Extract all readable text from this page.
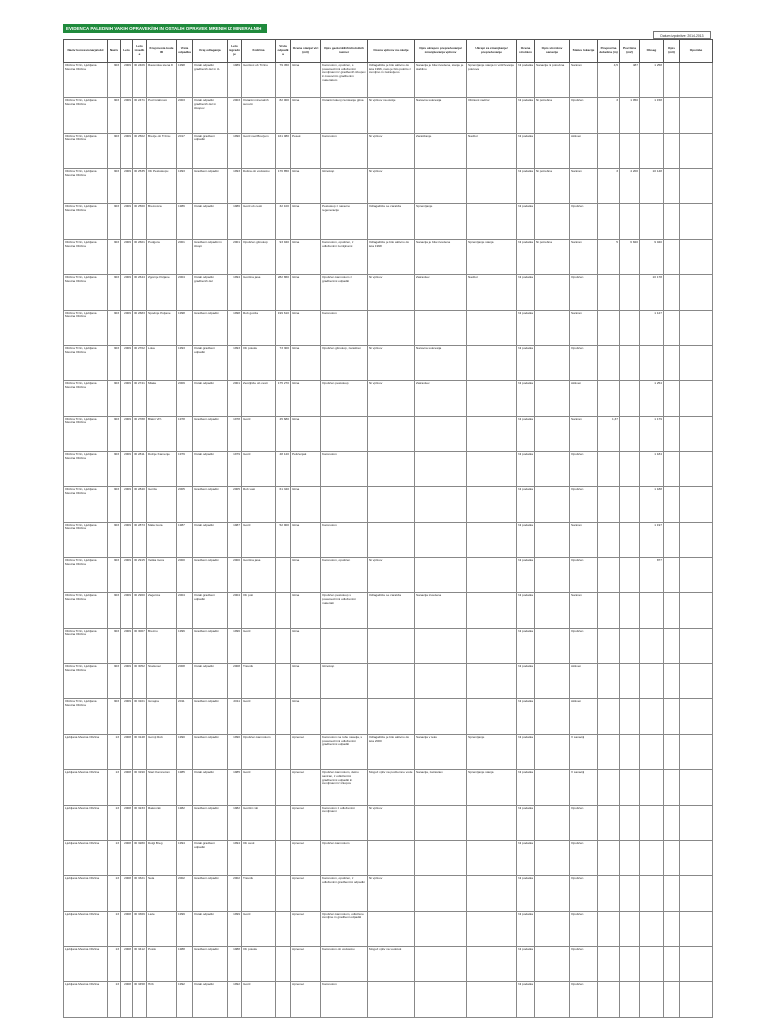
EVIDENCA PALEDNIH VAKIH OPRAVEK/IIH IN OSTALIH OPRAVEK MRENIH IZ MINERALNIH
Datum izpolnitve: 2014-2013
Naziv koncesionarja/obč	Naziv	Leto	Leto izvedbe	Kraj mesta kode ID	Vrsta odpadka	Kraj odlaganja	Leto izgradnje	Količina	Vrsta odpadka	Ocena stanja/ viri (m3)	Opis geoloških/hidroloških razmer	Ocena vplivov na okolje	Opis ukrepov preprečevanja/ zmanjševanja vplivov	Ukrepi za zmanjšanje/ preprečevanje	Ocena stroškov	Opis stroškov sanacije	Status lokacije	Povprečna debelina (m)	Površina (m2)	Obseg	Opis (m3)	Opombe

Občina Trzin, Ljubljana Mestna Občina	303	2009	ID 2406	Ravenska stena 8	1998	Ostali odpadki gradbenih del in iz-	1989	Gozdovi ob Trzinu	79 450	Glina	Kamnolom, opuščen, s posameznimi odloženimi zemljinami iz gradbenih izkopov in kosovnim gradbenim materialom	Odlagališče je bilo aktivno do leta 1996, nato je bilo pokrito z zemljino in zatravljeno	Sanacija je bila izvedena, stanje je stabilno	Spremljanje stanja in vzdrževanje pokrova	Ni podatka	Sanacija ni potrebna	Saniran	4,5	487	1 258		

Občina Trzin, Ljubljana Mestna Občina	303	2009	ID 2471	Pod Grabnom	2003	Ostali odpadki gradbenih del in izkopov	2003	Ostanki mineralnih surovin	82 000	Glina	Ostanki lukenj za iskanje glina	Ni vplivov na okolje	Naravna sukcesija	Občasni nadzor	Ni podatka	Ni potrebna	Opuščen	3	1 050	1 158		

Občina Trzin, Ljubljana Mestna Občina	303	2009	ID 2502	Brezje ob Trzinu	2017	Ostali gradbeni odpadki	1990	Gozd nad Brezjem	161 080	Pesek	Kamnolom	Ni vplivov	Zaraščanje	Nadzor	Ni podatka		Aktiven					

Občina Trzin, Ljubljana Mestna Občina	303	2009	ID 2535	Ob Peskokopu	1993	Gradbeni odpadki	1993	Dolina ob vodotoku	176 850	Glina	Glinokop	Ni vplivov			Ni podatka	Ni potrebna	Saniran	3	4 200	10 148		

Občina Trzin, Ljubljana Mestna Občina	303	2009	ID 2560	Brezovica	1986	Ostali odpadki	1986	Gozd ob cesti	32 100	Glina	Peskokop z naravno regeneracijo	Odlagališče se zarašča	Spremljanje		Ni podatka		Opuščen					

Občina Trzin, Ljubljana Mestna Občina	303	2009	ID 2601	Podgora	2001	Gradbeni odpadki in izkopi	2001	Opuščen glinokop	93 940	Glina	Kamnolom, opuščen, z odloženimi zemljinami	Odlagališče je bilo aktivno do leta 1998	Sanacija je bila izvedena	Spremljanje stanja	Ni podatka	Ni potrebna	Saniran	5	6 820	9 040		

Občina Trzin, Ljubljana Mestna Občina	303	2009	ID 2644	Zgornje Poljane	2004	Ostali odpadki gradbenih del	1994	Gozdna jasa	282 860	Glina	Opuščen kamnolom z gradbenimi odpadki	Ni vplivov	Zatravitev	Nadzor	Ni podatka		Opuščen			10 178		

Občina Trzin, Ljubljana Mestna Občina	303	2009	ID 2683	Spodnje Poljane	1998	Gradbeni odpadki	1998	Rob gozda	199 610	Glina	Kamnolom				Ni podatka		Saniran			1 127		

Občina Trzin, Ljubljana Mestna Občina	303	2009	ID 2702	Loka	1993	Ostali gradbeni odpadki	1993	Ob potoku	73 300	Glina	Opuščen glinokop, zaraščen	Ni vplivov	Naravna sukcesija		Ni podatka		Opuščen					

Občina Trzin, Ljubljana Mestna Občina	303	2009	ID 2741	Mlake	2009	Ostali odpadki	2001	Zemljišče ob cesti	175 270	Glina	Opuščen peskokop	Ni vplivov	Zatravitev		Ni podatka		Aktiven			1 254		

Občina Trzin, Ljubljana Mestna Občina	303	2009	ID 2788	Blatni Vrh	1978	Gradbeni odpadki	1978	Gozd	45 680	Glina					Ni podatka		Saniran	1,37		1 179		

Občina Trzin, Ljubljana Mestna Občina	303	2009	ID 2811	Dolnje Kamenje	1979	Ostali odpadki	1979	Gozd	48 120	Peščenjak	Kamnolom				Ni podatka		Opuščen			1 184		

Občina Trzin, Ljubljana Mestna Občina	303	2009	ID 2840	Goriče	2005	Gradbeni odpadki	2005	Rob vasi	61 340	Glina					Ni podatka		Opuščen			1 188		

Občina Trzin, Ljubljana Mestna Občina	303	2009	ID 2873	Mala Gora	1987	Ostali odpadki	1987	Gozd	52 900	Glina	Kamnolom				Ni podatka		Saniran			1 197		

Občina Trzin, Ljubljana Mestna Občina	303	2009	ID 2915	Velika Gora	2000	Gradbeni odpadki	2000	Gozdna jasa		Glina	Kamnolom, opuščen	Ni vplivov			Ni podatka		Opuščen			877		

Občina Trzin, Ljubljana Mestna Občina	303	2009	ID 2960	Zagorica	2004	Ostali gradbeni odpadki	2004	Ob poti		Glina	Opuščen peskokop s posameznimi odloženimi materiali	Odlagališče se zarašča	Sanacija izvedena		Ni podatka		Saniran					

Občina Trzin, Ljubljana Mestna Občina	303	2009	ID 3007	Brezno	1996	Gradbeni odpadki	1996	Gozd		Glina					Ni podatka		Opuščen					

Občina Trzin, Ljubljana Mestna Občina	303	2009	ID 3052	Studenec	2008	Ostali odpadki	2008	Travnik		Glina	Glinokop				Ni podatka		Aktiven					

Občina Trzin, Ljubljana Mestna Občina	303	2009	ID 3101	Gmajna	2011	Gradbeni odpadki	2011	Gozd		Glina					Ni podatka		Aktiven					

Ljubljana Mestna Občina	13	2008	ID 3148	Gornji Rob	1990	Gradbeni odpadki	1990	Opuščen kamnolom		Apnenec	Kamnolom na robu naselja, s posameznimi odloženimi gradbenimi odpadki	Odlagališče je bilo aktivno do leta 2000	Sanacija v teku	Spremljanje	Ni podatka		V sanaciji					

Ljubljana Mestna Občina	13	2008	ID 3190	Stari Kamnolom	1985	Ostali odpadki	1985	Gozd		Apnenec	Opuščen kamnolom, delno saniran, z odloženimi gradbenimi odpadki in zemljinami iz izkopov	Mogoč vpliv na podzemne vode	Sanacija, zatravitev	Spremljanje stanja	Ni podatka		V sanaciji					

Ljubljana Mestna Občina	13	2008	ID 3233	Rakovnik	1982	Gradbeni odpadki	1982	Gozdni rob		Apnenec	Kamnolom z odloženimi zemljinami	Ni vplivov			Ni podatka		Opuščen					

Ljubljana Mestna Občina	13	2008	ID 3280	Dolgi Breg	1994	Ostali gradbeni odpadki	1994	Ob cesti		Apnenec	Opuščen kamnolom				Ni podatka		Opuščen					

Ljubljana Mestna Občina	13	2008	ID 3321	Sela	2002	Gradbeni odpadki	2002	Travnik		Apnenec	Kamnolom, opuščen, z odloženimi gradbenimi odpadki	Ni vplivov			Ni podatka		Opuščen					

Ljubljana Mestna Občina	13	2008	ID 3369	Laze	1999	Ostali odpadki	1999	Gozd		Apnenec	Opuščen kamnolom, odložene zemljine in gradbeni odpadki				Ni podatka		Opuščen					

Ljubljana Mestna Občina	13	2008	ID 3412	Potok	1988	Gradbeni odpadki	1988	Ob potoku		Apnenec	Kamnolom ob vodotoku	Mogoč vpliv na vodotok			Ni podatka		Opuščen					

Ljubljana Mestna Občina	13	2008	ID 3458	Hrib	1992	Ostali odpadki	1992	Gozd		Apnenec	Kamnolom				Ni podatka		Opuščen					
